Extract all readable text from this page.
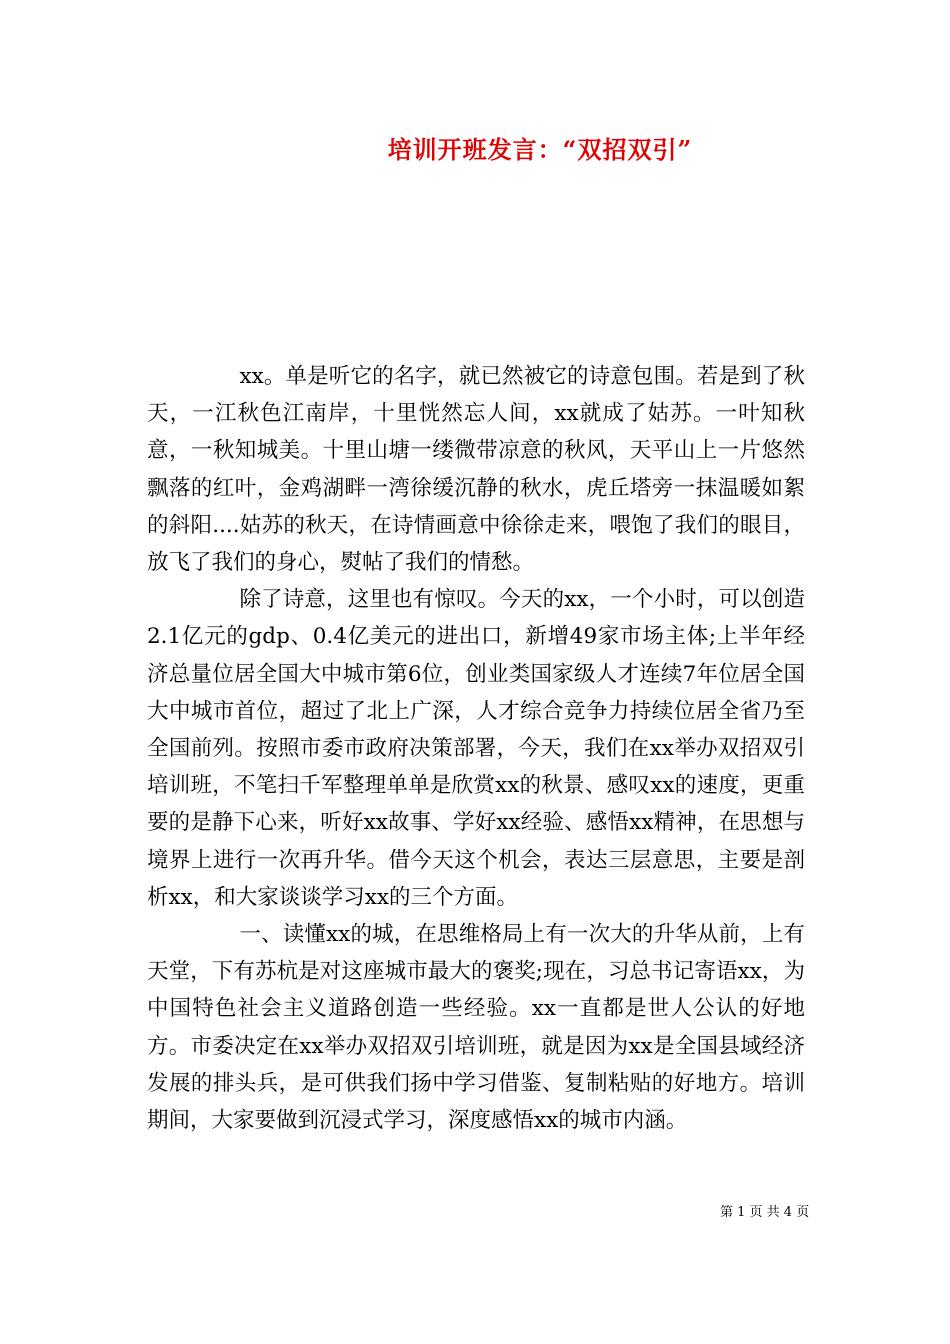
培训开班发言：“双招双引”

xx。单是听它的名字，就已然被它的诗意包围。若是到了秋天，一江秋色江南岸，十里恍然忘人间，xx就成了姑苏。一叶知秋意，一秋知城美。十里山塘一缕微带凉意的秋风，天平山上一片悠然飘落的红叶，金鸡湖畔一湾徐缓沉静的秋水，虎丘塔旁一抹温暖如絮的斜阳....姑苏的秋天，在诗情画意中徐徐走来，喂饱了我们的眼目，放飞了我们的身心，熨帖了我们的情愁。

除了诗意，这里也有惊叹。今天的xx，一个小时，可以创造2.1亿元的gdp、0.4亿美元的进出口，新增49家市场主体;上半年经济总量位居全国大中城市第6位，创业类国家级人才连续7年位居全国大中城市首位，超过了北上广深，人才综合竞争力持续位居全省乃至全国前列。按照市委市政府决策部署，今天，我们在xx举办双招双引培训班，不笔扫千军整理单单是欣赏xx的秋景、感叹xx的速度，更重要的是静下心来，听好xx故事、学好xx经验、感悟xx精神，在思想与境界上进行一次再升华。借今天这个机会，表达三层意思，主要是剖析xx，和大家谈谈学习xx的三个方面。

一、读懂xx的城，在思维格局上有一次大的升华从前，上有天堂，下有苏杭是对这座城市最大的褒奖;现在，习总书记寄语xx，为中国特色社会主义道路创造一些经验。xx一直都是世人公认的好地方。市委决定在xx举办双招双引培训班，就是因为xx是全国县域经济发展的排头兵，是可供我们扬中学习借鉴、复制粘贴的好地方。培训期间，大家要做到沉浸式学习，深度感悟xx的城市内涵。

第 1 页 共 4 页
